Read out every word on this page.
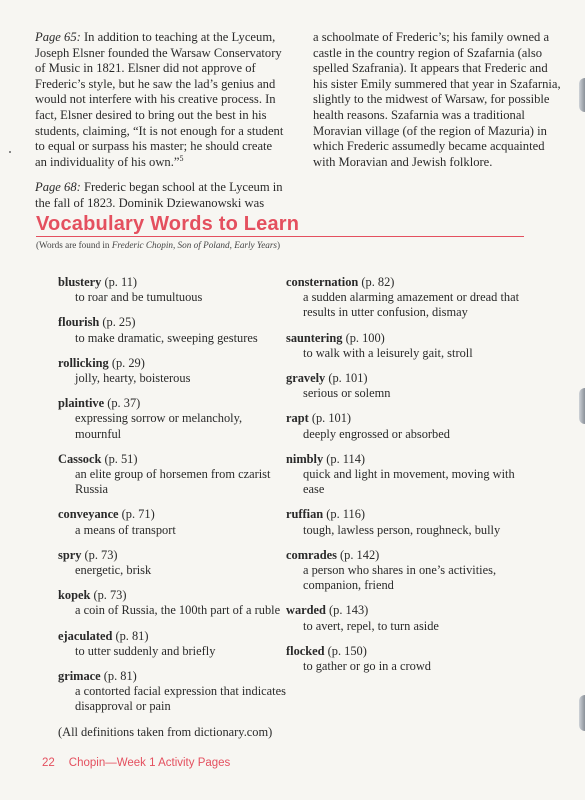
Page 65: In addition to teaching at the Lyceum, Joseph Elsner founded the Warsaw Conservatory of Music in 1821. Elsner did not approve of Frederic’s style, but he saw the lad’s genius and would not interfere with his creative process. In fact, Elsner desired to bring out the best in his students, claiming, “It is not enough for a student to equal or surpass his master; he should create an individuality of his own.”$^5$

Page 68: Frederic began school at the Lyceum in the fall of 1823. Dominik Dziewanowski was

a schoolmate of Frederic’s; his family owned a castle in the country region of Szafarnia (also spelled Szafrania). It appears that Frederic and his sister Emily summered that year in Szafarnia, slightly to the midwest of Warsaw, for possible health reasons. Szafarnia was a traditional Moravian village (of the region of Mazuria) in which Frederic assumedly became acquainted with Moravian and Jewish folklore.

Vocabulary Words to Learn
(Words are found in Frederic Chopin, Son of Poland, Early Years)
blustery (p. 11)
to roar and be tumultuous
flourish (p. 25)
to make dramatic, sweeping gestures
rollicking (p. 29)
jolly, hearty, boisterous
plaintive (p. 37)
expressing sorrow or melancholy, mournful
Cassock (p. 51)
an elite group of horsemen from czarist Russia
conveyance (p. 71)
a means of transport
spry (p. 73)
energetic, brisk
kopek (p. 73)
a coin of Russia, the 100th part of a ruble
ejaculated (p. 81)
to utter suddenly and briefly
grimace (p. 81)
a contorted facial expression that indicates disapproval or pain
(All definitions taken from dictionary.com)
consternation (p. 82)
a sudden alarming amazement or dread that results in utter confusion, dismay
sauntering (p. 100)
to walk with a leisurely gait, stroll
gravely (p. 101)
serious or solemn
rapt (p. 101)
deeply engrossed or absorbed
nimbly (p. 114)
quick and light in movement, moving with ease
ruffian (p. 116)
tough, lawless person, roughneck, bully
comrades (p. 142)
a person who shares in one’s activities, companion, friend
warded (p. 143)
to avert, repel, to turn aside
flocked (p. 150)
to gather or go in a crowd
22 Chopin—Week 1 Activity Pages
